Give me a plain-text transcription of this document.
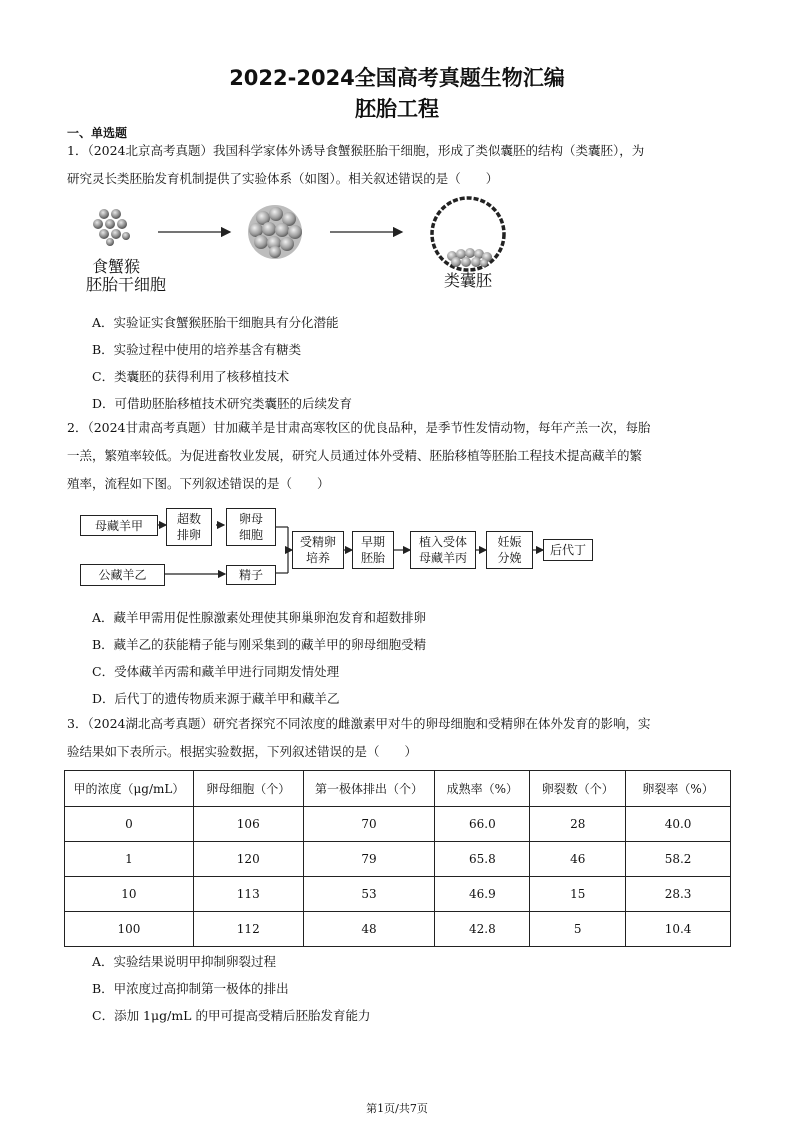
2022-2024全国高考真题生物汇编
胚胎工程
一、单选题
1．（2024北京高考真题）我国科学家体外诱导食蟹猴胚胎干细胞，形成了类似囊胚的结构（类囊胚），为
研究灵长类胚胎发育机制提供了实验体系（如图）。相关叙述错误的是（　　）
食蟹猴
胚胎干细胞	类囊胚
A．实验证实食蟹猴胚胎干细胞具有分化潜能
B．实验过程中使用的培养基含有糖类
C．类囊胚的获得利用了核移植技术
D．可借助胚胎移植技术研究类囊胚的后续发育
2．（2024甘肃高考真题）甘加藏羊是甘肃高寒牧区的优良品种，是季节性发情动物，每年产羔一次，每胎
一羔，繁殖率较低。为促进畜牧业发展，研究人员通过体外受精、胚胎移植等胚胎工程技术提高藏羊的繁
殖率，流程如下图。下列叙述错误的是（　　）
母藏羊甲	超数
排卵
卵母
细胞
公藏羊乙	精子
受精卵
培养
早期
胚胎
植入受体
母藏羊丙
妊娠
分娩
后代丁
A．藏羊甲需用促性腺激素处理使其卵巢卵泡发育和超数排卵
B．藏羊乙的获能精子能与刚采集到的藏羊甲的卵母细胞受精
C．受体藏羊丙需和藏羊甲进行同期发情处理
D．后代丁的遗传物质来源于藏羊甲和藏羊乙
3．（2024湖北高考真题）研究者探究不同浓度的雌激素甲对牛的卵母细胞和受精卵在体外发育的影响，实
验结果如下表所示。根据实验数据，下列叙述错误的是（　　）
甲的浓度（μg/mL）	卵母细胞（个）	第一极体排出（个）	成熟率（%）	卵裂数（个）	卵裂率（%）
0	106	70	66.0	28	40.0
1	120	79	65.8	46	58.2
10	113	53	46.9	15	28.3
100	112	48	42.8	5	10.4
A．实验结果说明甲抑制卵裂过程
B．甲浓度过高抑制第一极体的排出
C．添加 1μg/mL 的甲可提高受精后胚胎发育能力
第1页/共7页
